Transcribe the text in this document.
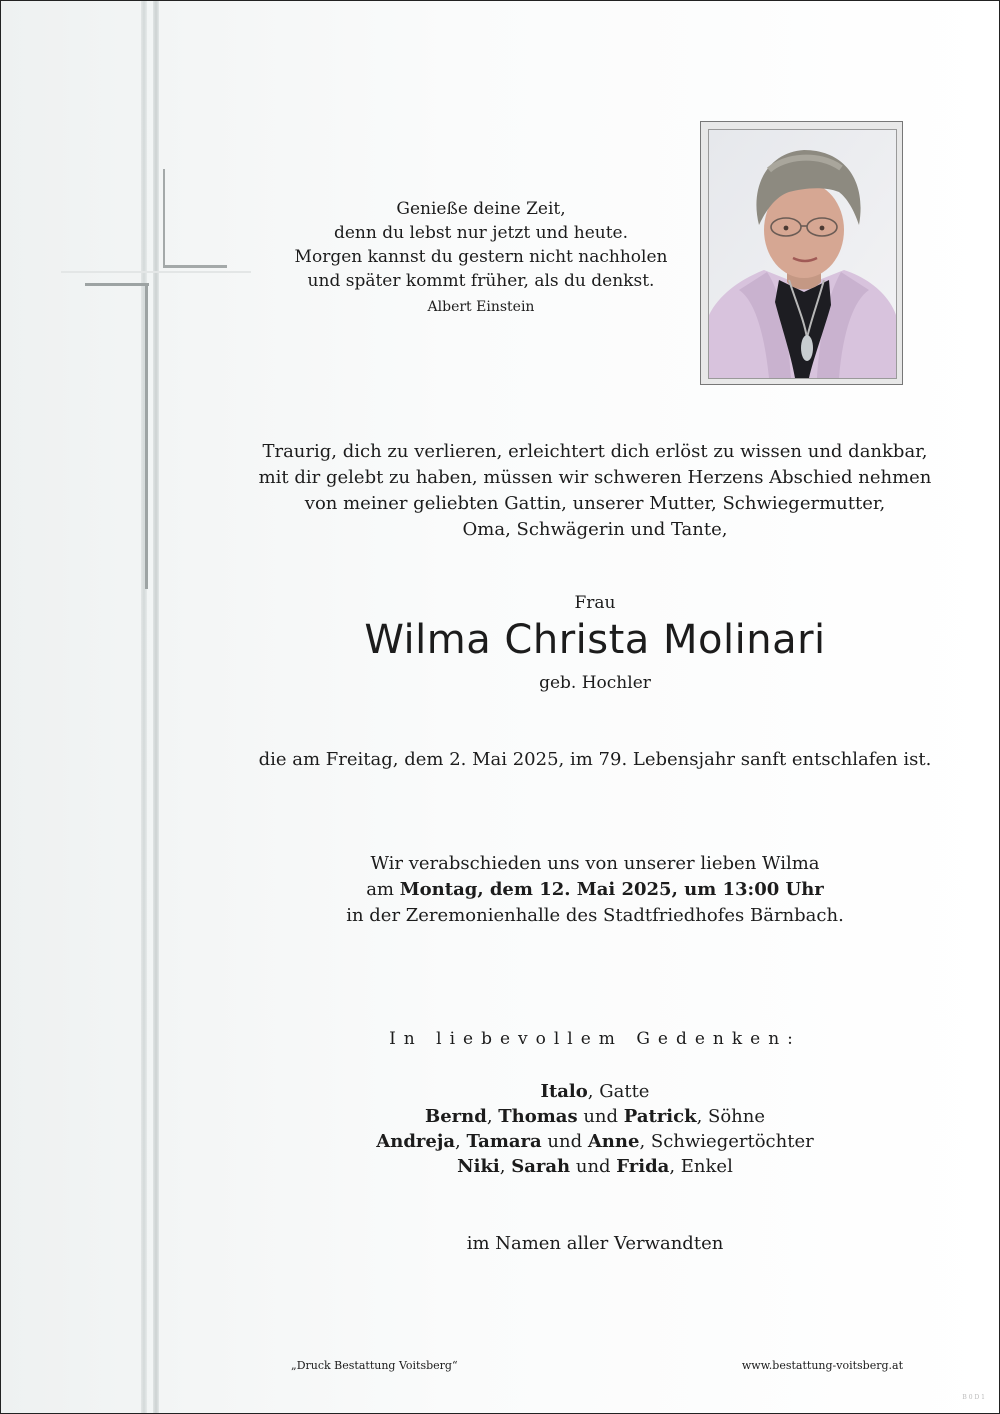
Genieße deine Zeit,
denn du lebst nur jetzt und heute.
Morgen kannst du gestern nicht nachholen
und später kommt früher, als du denkst.
Albert Einstein
Traurig, dich zu verlieren, erleichtert dich erlöst zu wissen und dankbar,
mit dir gelebt zu haben, müssen wir schweren Herzens Abschied nehmen
von meiner geliebten Gattin, unserer Mutter, Schwiegermutter,
Oma, Schwägerin und Tante,
Frau
Wilma Christa Molinari
geb. Hochler
die am Freitag, dem 2. Mai 2025, im 79. Lebensjahr sanft entschlafen ist.
Wir verabschieden uns von unserer lieben Wilma
am Montag, dem 12. Mai 2025, um 13:00 Uhr
in der Zeremonienhalle des Stadtfriedhofes Bärnbach.
In liebevollem Gedenken:
Italo, Gatte
Bernd, Thomas und Patrick, Söhne
Andreja, Tamara und Anne, Schwiegertöchter
Niki, Sarah und Frida, Enkel
im Namen aller Verwandten
„Druck Bestattung Voitsberg“	www.bestattung-voitsberg.at
B 0 D 1
